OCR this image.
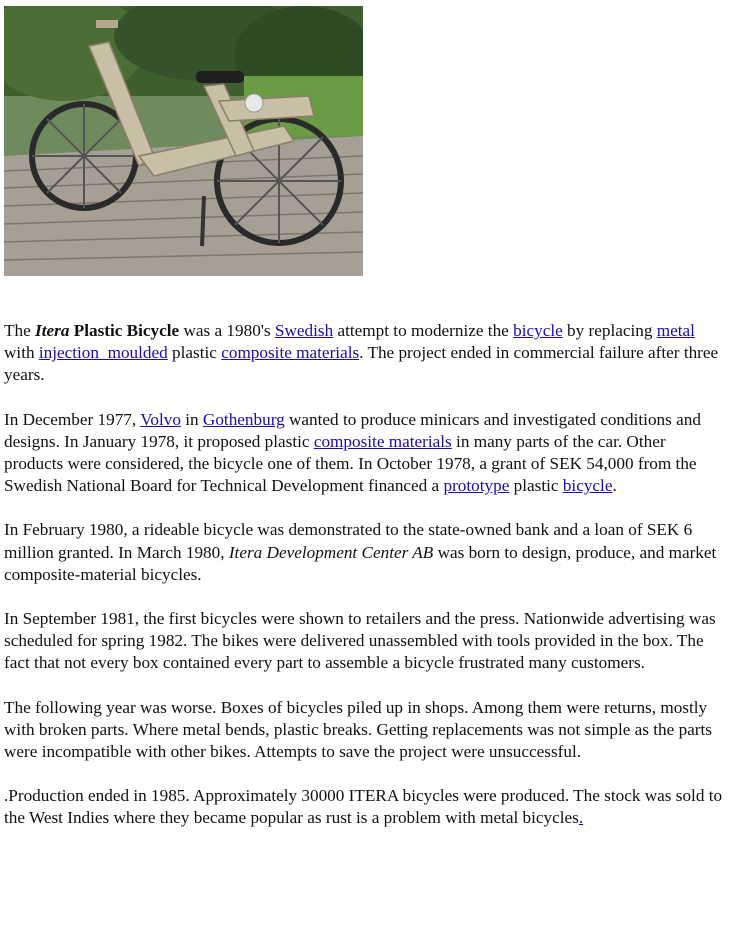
The Itera Plastic Bicycle was a 1980's Swedish attempt to modernize the bicycle by replacing metal with injection_moulded plastic composite materials. The project ended in commercial failure after three years.

In December 1977, Volvo in Gothenburg wanted to produce minicars and investigated conditions and designs. In January 1978, it proposed plastic composite materials in many parts of the car. Other products were considered, the bicycle one of them. In October 1978, a grant of SEK 54,000 from the Swedish National Board for Technical Development financed a prototype plastic bicycle.

In February 1980, a rideable bicycle was demonstrated to the state-owned bank and a loan of SEK 6 million granted. In March 1980, Itera Development Center AB was born to design, produce, and market composite-material bicycles.

In September 1981, the first bicycles were shown to retailers and the press. Nationwide advertising was scheduled for spring 1982. The bikes were delivered unassembled with tools provided in the box. The fact that not every box contained every part to assemble a bicycle frustrated many customers.

The following year was worse. Boxes of bicycles piled up in shops. Among them were returns, mostly with broken parts. Where metal bends, plastic breaks. Getting replacements was not simple as the parts were incompatible with other bikes. Attempts to save the project were unsuccessful.

.Production ended in 1985. Approximately 30000 ITERA bicycles were produced. The stock was sold to the West Indies where they became popular as rust is a problem with metal bicycles.
